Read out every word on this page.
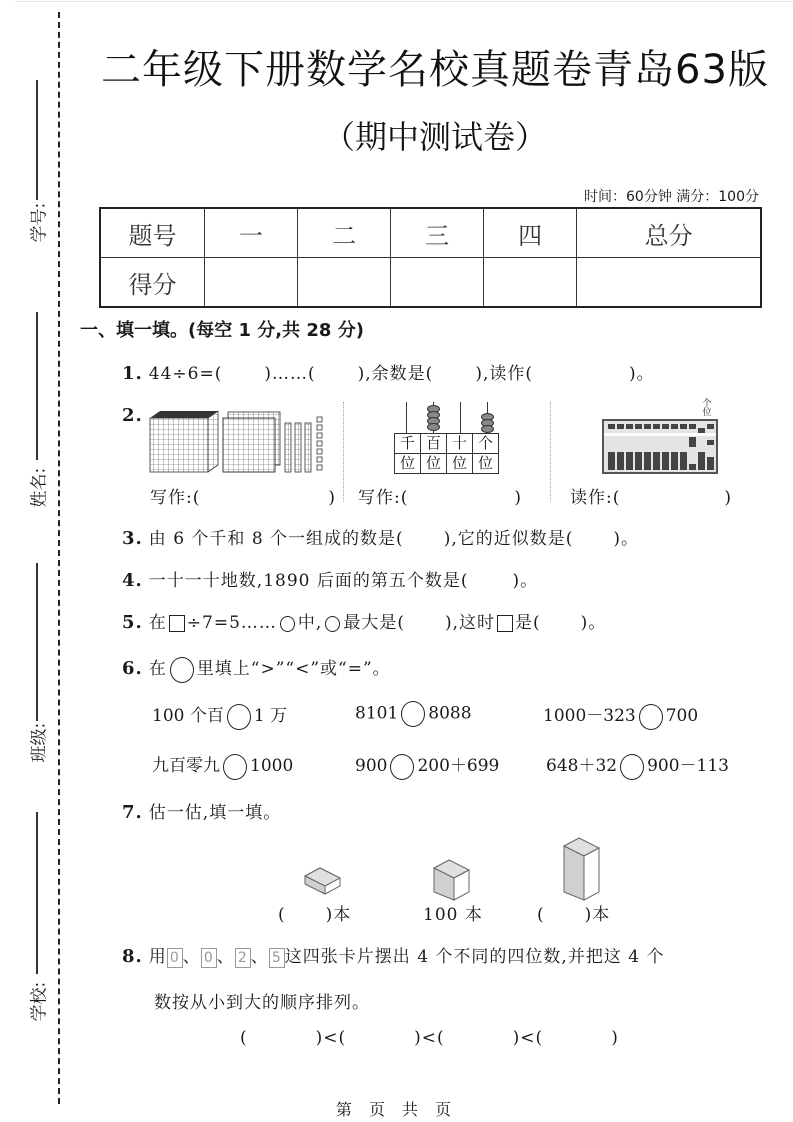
学号:
姓名:
班级:
学校:
二年级下册数学名校真题卷青岛63版
（期中测试卷）
时间：60分钟 满分：100分
题号	一	二	三	四	总分
得分					
一、填一填。(每空 1 分,共 28 分)
1. 44÷6=( )……( ),余数是( ),读作(	)。
2.
写作:(	)
千	百	十	个
位	位	位	位
写作:(	)
个位
读作:(	)
3. 由 6 个千和 8 个一组成的数是( ),它的近似数是( )。
4. 一十一十地数,1890 后面的第五个数是(	)。
5. 在 ÷7=5…… 中, 最大是( ),这时 是( )。
6. 在 里填上“>”“<”或“=”。
100 个百 1 万	8101 8088	1000－323 700
九百零九 1000	900 200＋699	648＋32 900－113
7. 估一估,填一填。
( )本	100 本	( )本
8. 用 0 、 0 、 2 、 5 这四张卡片摆出 4 个不同的四位数,并把这 4 个
数按从小到大的顺序排列。
(	)<(	)<(	)<(	)
第 页 共 页
